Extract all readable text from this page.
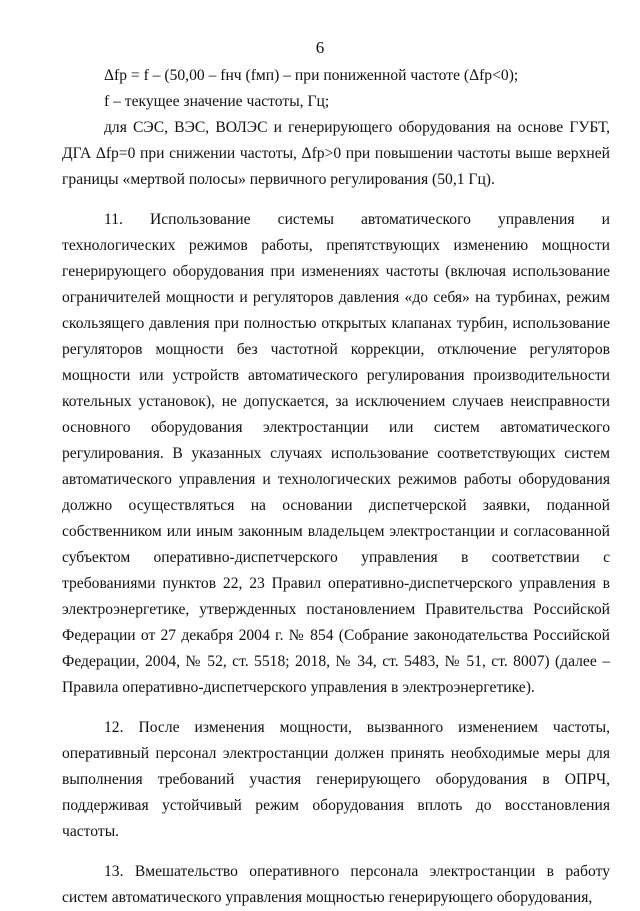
6

Δfр = f – (50,00 – fнч (fмп) – при пониженной частоте (Δfр<0);

f – текущее значение частоты, Гц;

для СЭС, ВЭС, ВОЛЭС и генерирующего оборудования на основе ГУБТ, ДГА Δfр=0 при снижении частоты, Δfр>0 при повышении частоты выше верхней границы «мертвой полосы» первичного регулирования (50,1 Гц).

11. Использование системы автоматического управления и технологических режимов работы, препятствующих изменению мощности генерирующего оборудования при изменениях частоты (включая использование ограничителей мощности и регуляторов давления «до себя» на турбинах, режим скользящего давления при полностью открытых клапанах турбин, использование регуляторов мощности без частотной коррекции, отключение регуляторов мощности или устройств автоматического регулирования производительности котельных установок), не допускается, за исключением случаев неисправности основного оборудования электростанции или систем автоматического регулирования. В указанных случаях использование соответствующих систем автоматического управления и технологических режимов работы оборудования должно осуществляться на основании диспетчерской заявки, поданной собственником или иным законным владельцем электростанции и согласованной субъектом оперативно-диспетчерского управления в соответствии с требованиями пунктов 22, 23 Правил оперативно-диспетчерского управления в электроэнергетике, утвержденных постановлением Правительства Российской Федерации от 27 декабря 2004 г. № 854 (Собрание законодательства Российской Федерации, 2004, № 52, ст. 5518; 2018, № 34, ст. 5483, № 51, ст. 8007) (далее – Правила оперативно-диспетчерского управления в электроэнергетике).

12. После изменения мощности, вызванного изменением частоты, оперативный персонал электростанции должен принять необходимые меры для выполнения требований участия генерирующего оборудования в ОПРЧ, поддерживая устойчивый режим оборудования вплоть до восстановления частоты.

13. Вмешательство оперативного персонала электростанции в работу систем автоматического управления мощностью генерирующего оборудования,
